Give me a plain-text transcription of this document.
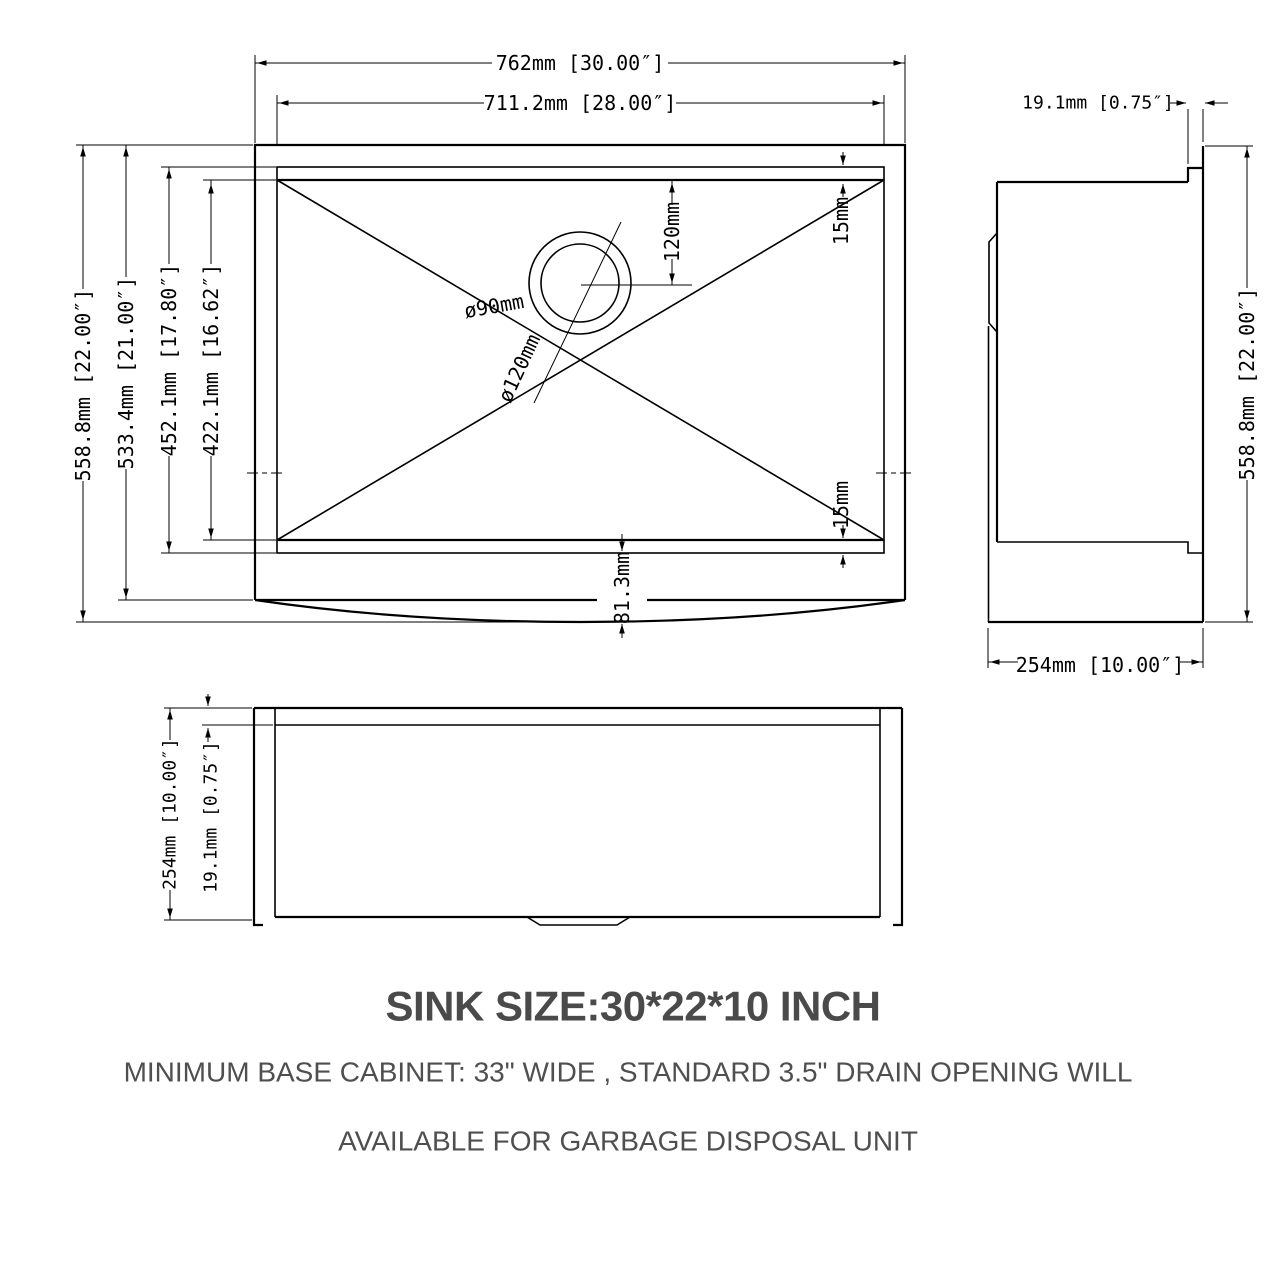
762mm [30.00″]
711.2mm [28.00″]
558.8mm [22.00″] 533.4mm [21.00″] 452.1mm [17.80″] 422.1mm [16.62″]
120mm	15mm
15mm
81.3mm
ø90mm
ø120mm
19.1mm [0.75″]
558.8mm [22.00″]
254mm [10.00″]
254mm [10.00″] 19.1mm [0.75″]
SINK SIZE:30*22*10 INCH
MINIMUM BASE CABINET: 33" WIDE , STANDARD 3.5" DRAIN OPENING WILL
AVAILABLE FOR GARBAGE DISPOSAL UNIT
